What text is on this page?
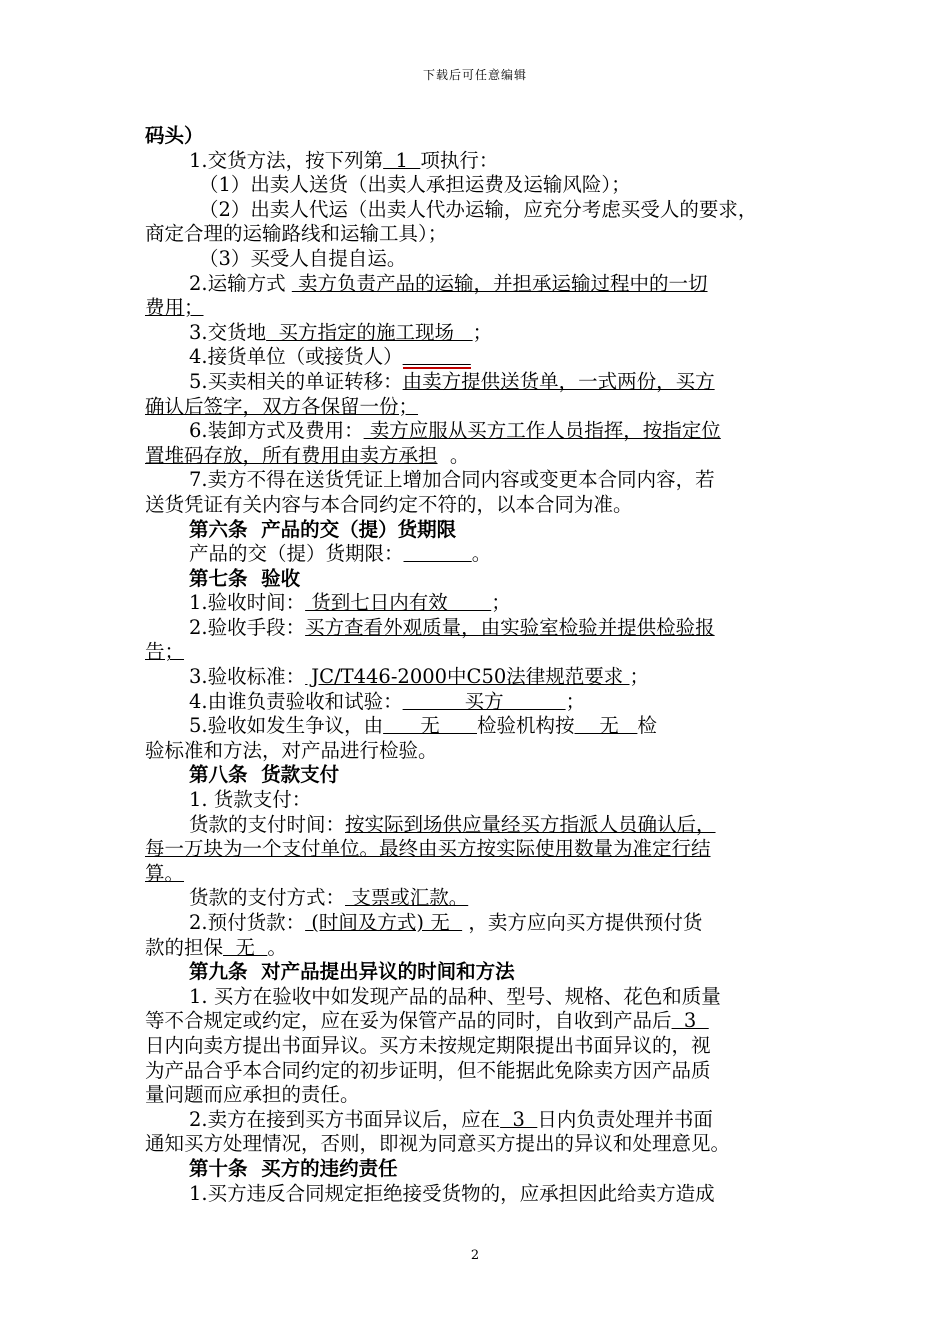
下载后可任意编辑

码头）

1.交货方法，按下列第  1  项执行：

（1）出卖人送货（出卖人承担运费及运输风险）；

（2）出卖人代运（出卖人代办运输，应充分考虑买受人的要求，

商定合理的运输路线和运输工具）；

（3）买受人自提自运。

2.运输方式  卖方负责产品的运输，并担承运输过程中的一切

费用；

3.交货地  买方指定的施工现场   ；

4.接货单位（或接货人）

5.买卖相关的单证转移：由卖方提供送货单，一式两份，买方

确认后签字，双方各保留一份；

6.装卸方式及费用： 卖方应服从买方工作人员指挥，按指定位

置堆码存放，所有费用由卖方承担  。

7.卖方不得在送货凭证上增加合同内容或变更本合同内容，若

送货凭证有关内容与本合同约定不符的，以本合同为准。

第六条  产品的交（提）货期限

产品的交（提）货期限：	。

第七条  验收

1.验收时间： 货到七日内有效       ；

2.验收手段：买方查看外观质量，由实验室检验并提供检验报

告；

3.验收标准： JC/T446-2000中C50法律规范要求 ；

4.由谁负责验收和试验：          买方          ；

5.验收如发生争议，由      无      检验机构按    无   检

验标准和方法，对产品进行检验。

第八条  货款支付

1. 货款支付：

货款的支付时间：按实际到场供应量经买方指派人员确认后，

每一万块为一个支付单位。最终由买方按实际使用数量为准定行结

算。

货款的支付方式： 支票或汇款。

2.预付货款： (时间及方式) 无   ，卖方应向买方提供预付货

款的担保  无  。

第九条  对产品提出异议的时间和方法

1. 买方在验收中如发现产品的品种、型号、规格、花色和质量

等不合规定或约定，应在妥为保管产品的同时，自收到产品后  3

日内向卖方提出书面异议。买方未按规定期限提出书面异议的，视

为产品合乎本合同约定的初步证明，但不能据此免除卖方因产品质

量问题而应承担的责任。

2.卖方在接到买方书面异议后，应在  3  日内负责处理并书面

通知买方处理情况，否则，即视为同意买方提出的异议和处理意见。

第十条  买方的违约责任

1.买方违反合同规定拒绝接受货物的，应承担因此给卖方造成

2
